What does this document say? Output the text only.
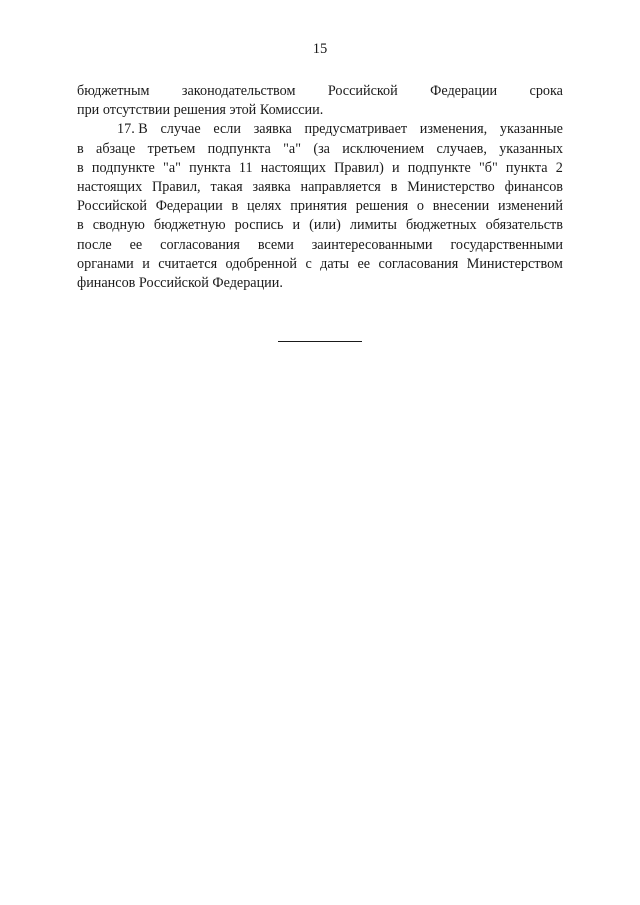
15
бюджетным законодательством Российской Федерации срока
при отсутствии решения этой Комиссии.
17. В случае если заявка предусматривает изменения, указанные
в абзаце третьем подпункта "а" (за исключением случаев, указанных
в подпункте "а" пункта 11 настоящих Правил) и подпункте "б" пункта 2
настоящих Правил, такая заявка направляется в Министерство финансов
Российской Федерации в целях принятия решения о внесении изменений
в сводную бюджетную роспись и (или) лимиты бюджетных обязательств
после ее согласования всеми заинтересованными государственными
органами и считается одобренной с даты ее согласования Министерством
финансов Российской Федерации.
